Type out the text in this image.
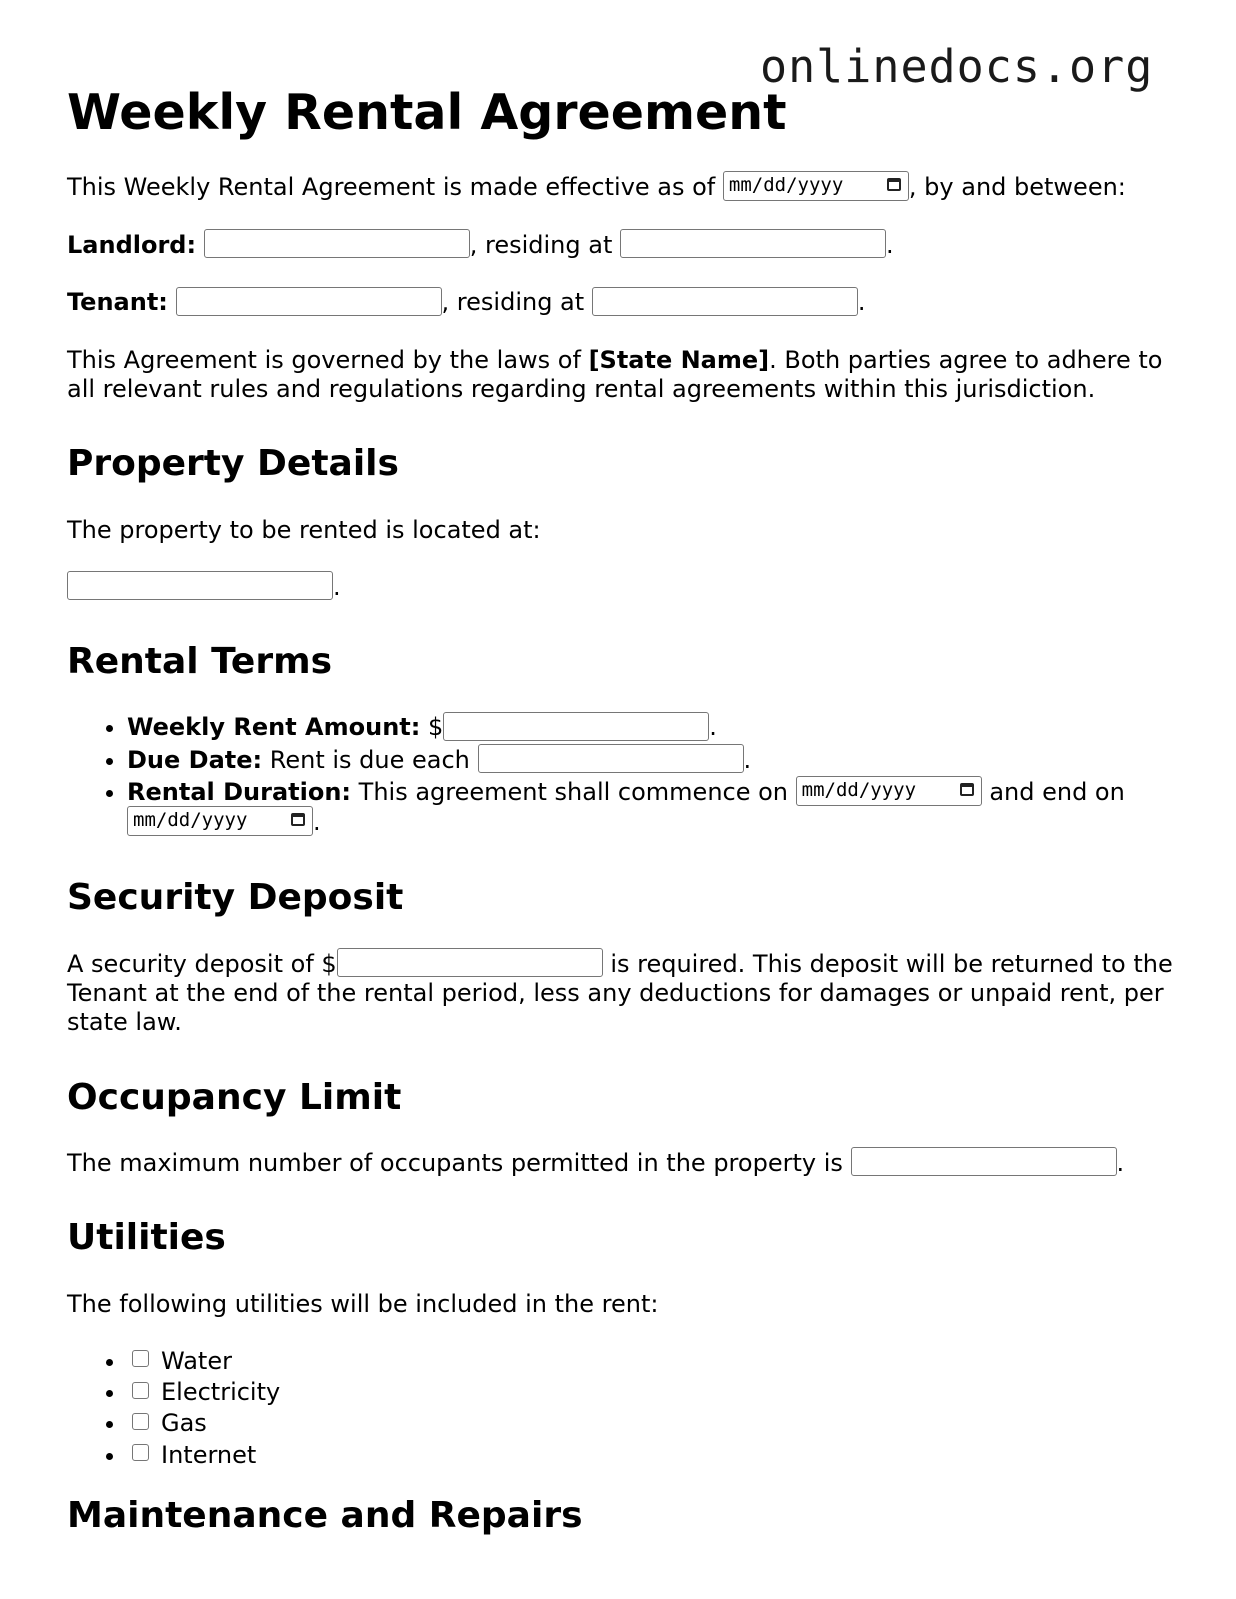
onlinedocs.org
Weekly Rental Agreement

This Weekly Rental Agreement is made effective as of mm/dd/yyyy	, by and between:

Landlord:	, residing at	.

Tenant:	, residing at	.

This Agreement is governed by the laws of [State Name]. Both parties agree to adhere to all relevant rules and regulations regarding rental agreements within this jurisdiction.

Property Details

The property to be rented is located at:

.

Rental Terms
• Weekly Rent Amount: $	.
• Due Date: Rent is due each	.
• Rental Duration: This agreement shall commence on mm/dd/yyyy	and end on mm/dd/yyyy	.
Security Deposit

A security deposit of $	is required. This deposit will be returned to the Tenant at the end of the rental period, less any deductions for damages or unpaid rent, per state law.

Occupancy Limit

The maximum number of occupants permitted in the property is	.

Utilities

The following utilities will be included in the rent:

• Water
• Electricity
• Gas
• Internet
Maintenance and Repairs
